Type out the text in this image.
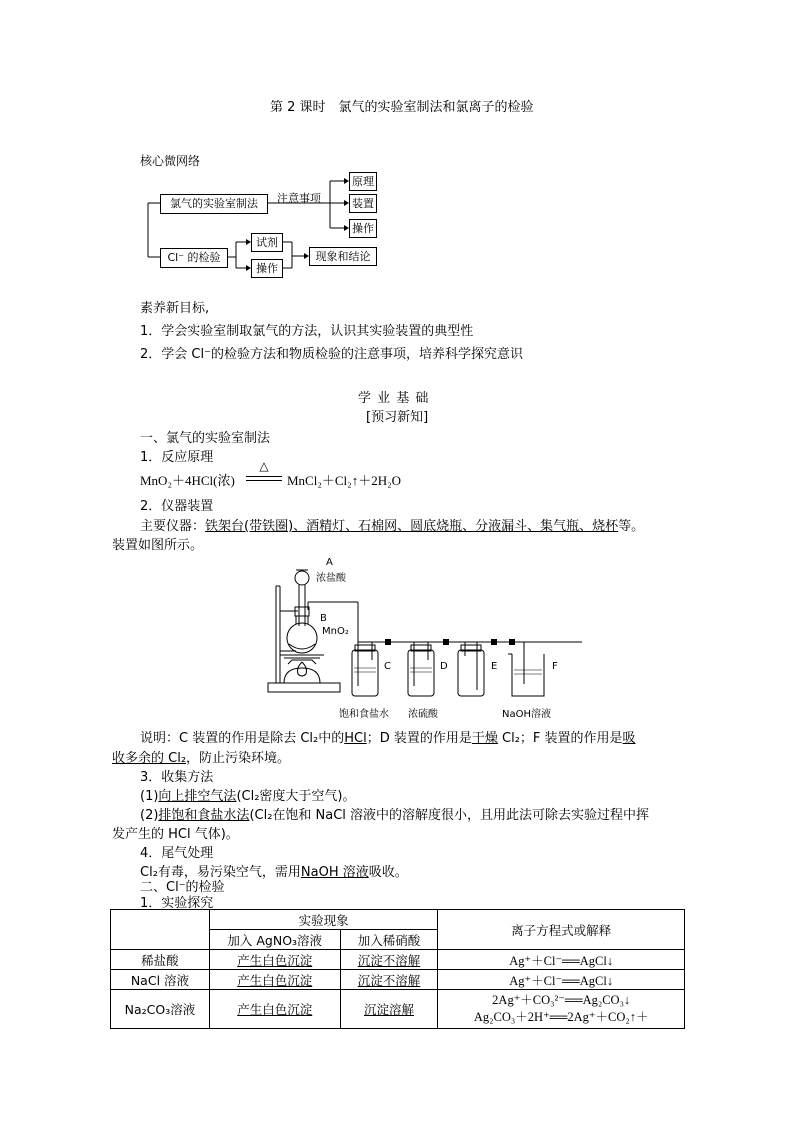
第 2 课时　氯气的实验室制法和氯离子的检验
核心微网络
注意事项
氯气的实验室制法
Cl⁻ 的检验
原理
装置
操作
试剂
操作
现象和结论
素养新目标,
1．学会实验室制取氯气的方法，认识其实验装置的典型性
2．学会 Cl⁻的检验方法和物质检验的注意事项，培养科学探究意识
学 业 基 础
[预习新知]
一、氯气的实验室制法
1．反应原理
MnO₂＋4HCl(浓)
△
MnCl₂＋Cl₂↑＋2H₂O
2．仪器装置
主要仪器：铁架台(带铁圈)、酒精灯、石棉网、圆底烧瓶、分液漏斗、集气瓶、烧杯等。
装置如图所示。
A
浓盐酸
B
MnO₂
C	D	E	F
饱和食盐水 浓硫酸	NaOH溶液
说明：C 装置的作用是除去 Cl₂中的HCl；D 装置的作用是干燥 Cl₂；F 装置的作用是吸
收多余的 Cl₂，防止污染环境。
3．收集方法
(1)向上排空气法(Cl₂密度大于空气)。
(2)排饱和食盐水法(Cl₂在饱和 NaCl 溶液中的溶解度很小，且用此法可除去实验过程中挥
发产生的 HCl 气体)。
4．尾气处理
Cl₂有毒，易污染空气，需用NaOH 溶液吸收。
二、Cl⁻的检验
1．实验探究
	实验现象		离子方程式或解释
	加入 AgNO₃溶液	加入稀硝酸	
稀盐酸	产生白色沉淀	沉淀不溶解	Ag⁺＋Cl⁻══AgCl↓
NaCl 溶液	产生白色沉淀	沉淀不溶解	Ag⁺＋Cl⁻══AgCl↓
Na₂CO₃溶液	产生白色沉淀	沉淀溶解	2Ag⁺＋CO₃²⁻══Ag₂CO₃↓
Ag₂CO₃＋2H⁺══2Ag⁺＋CO₂↑＋
